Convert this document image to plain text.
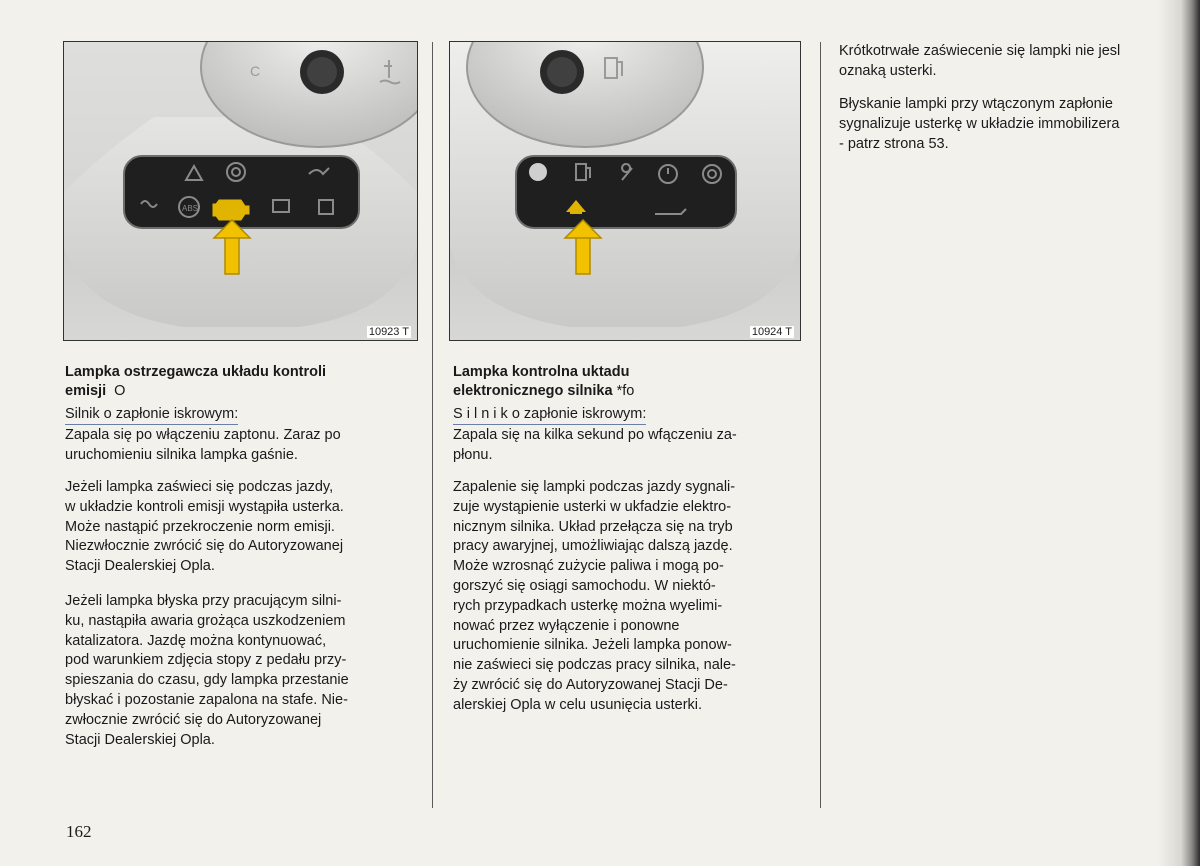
C
ABS
10923 T	10924 T
Lampka ostrzegawcza układu kontroli
emisji O
Silnik o zapłonie iskrowym:
Zapala się po włączeniu zaptonu. Zaraz po
uruchomieniu silnika lampka gaśnie.
Jeżeli lampka zaświeci się podczas jazdy,
w układzie kontroli emisji wystąpiła usterka.
Może nastąpić przekroczenie norm emisji.
Niezwłocznie zwrócić się do Autoryzowanej
Stacji Dealerskiej Opla.
Jeżeli lampka błyska przy pracującym silni-
ku, nastąpiła awaria grożąca uszkodzeniem
katalizatora. Jazdę można kontynuować,
pod warunkiem zdjęcia stopy z pedału przy-
spieszania do czasu, gdy lampka przestanie
błyskać i pozostanie zapalona na stafe. Nie-
zwłocznie zwrócić się do Autoryzowanej
Stacji Dealerskiej Opla.
Lampka kontrolna uktadu
elektronicznego silnika *fo
S i l n i k o zapłonie iskrowym:
Zapala się na kilka sekund po wfączeniu za-
płonu.
Zapalenie się lampki podczas jazdy sygnali-
zuje wystąpienie usterki w ukfadzie elektro-
nicznym silnika. Układ przełącza się na tryb
pracy awaryjnej, umożliwiając dalszą jazdę.
Może wzrosnąć zużycie paliwa i mogą po-
gorszyć się osiągi samochodu. W niektó-
rych przypadkach usterkę można wyelimi-
nować przez wyłączenie i ponowne
uruchomienie silnika. Jeżeli lampka ponow-
nie zaświeci się podczas pracy silnika, nale-
ży zwrócić się do Autoryzowanej Stacji De-
alerskiej Opla w celu usunięcia usterki.
Krótkotrwałe zaświecenie się lampki nie jesl
oznaką usterki.
Błyskanie lampki przy wtączonym zapłonie
sygnalizuje usterkę w układzie immobilizera
- patrz strona 53.
162
